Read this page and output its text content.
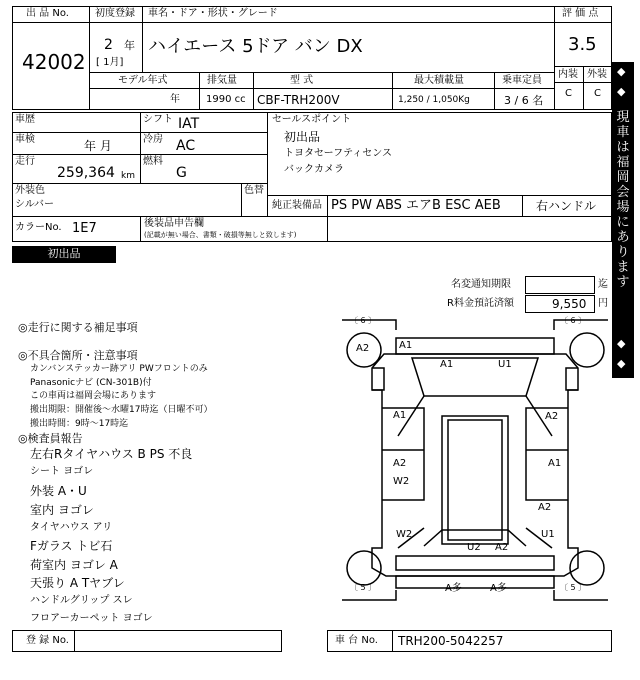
出 品 No.
42002
初度登録
2 年
[ 1月]
車名・ドア・形状・グレード
ハイエース 5ドア バン DX
モデル年式
年
排気量
1990 cc
型 式
CBF-TRH200V
最大積載量
1,250 / 1,050Kg
乗車定員
3 / 6 名
評 価 点
3.5
内装 外装
C C
◆
◆
現車は福岡会場にあります
◆
◆
車歴
車検	年 月
走行
259,364 km
シフト IAT
冷房 AC
燃料
G
セールスポイント
初出品
トヨタセーフティセンス
バックカメラ
外装色
シルバー
色替
純正装備品 PS PW ABS エアB ESC AEB	右ハンドル
カラーNo. 1E7	後装品申告欄
(記載が無い場合、書類・破損等無しと致します)
初出品
名変通知期限	迄
R料金預託済額	9,550 円
◎走行に関する補足事項
◎不具合箇所・注意事項
カンバンステッカー跡アリ PWフロントのみ
Panasonicナビ (CN-301B)付
この車両は福岡会場にあります
搬出期限：開催後～水曜17時迄（日曜不可）
搬出時間：9時～17時迄
◎検査員報告
左右Rタイヤハウス B PS 不良
シート ヨゴレ
外装 A・U
室内 ヨゴレ
タイヤハウス アリ
Fガラス トビ石
荷室内 ヨゴレ A
天張り A Tヤブレ
ハンドルグリップ スレ
フロアーカーペット ヨゴレ
〔 6 〕	〔 6 〕
〔 5 〕	〔 5 〕
A2	A1
A1	U1
A1	A2
A2	A1
W2
A2
U1
W2
U2 A2
A多	A多
登 録 No.	車 台 No. TRH200-5042257
